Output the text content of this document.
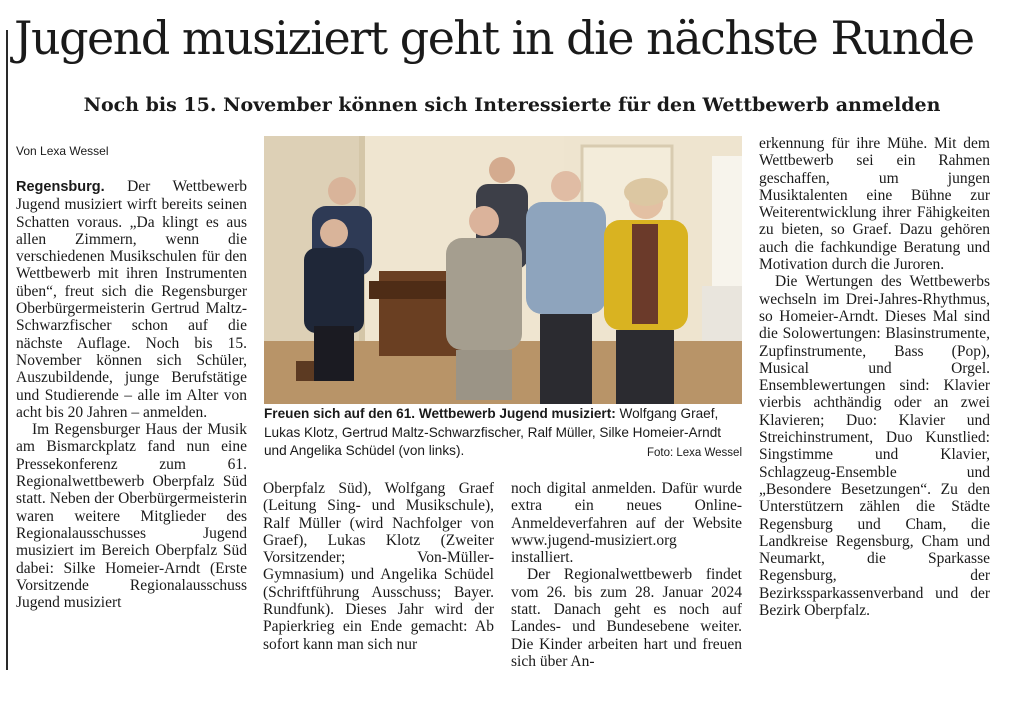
Jugend musiziert geht in die nächste Runde
Noch bis 15. November können sich Interessierte für den Wettbewerb anmelden
Von Lexa Wessel

Regensburg. Der Wettbewerb Jugend musiziert wirft bereits seinen Schatten voraus. „Da klingt es aus allen Zimmern, wenn die verschiedenen Musikschulen für den Wettbewerb mit ihren Instrumenten üben“, freut sich die Regensburger Oberbürgermeisterin Gertrud Maltz-Schwarzfischer schon auf die nächste Auflage. Noch bis 15. November können sich Schüler, Auszubildende, junge Berufstätige und Studierende – alle im Alter von acht bis 20 Jahren – anmelden.

Im Regensburger Haus der Musik am Bismarckplatz fand nun eine Pressekonferenz zum 61. Regionalwettbewerb Oberpfalz Süd statt. Neben der Oberbürgermeisterin waren weitere Mitglieder des Regionalausschusses Jugend musiziert im Bereich Oberpfalz Süd dabei: Silke Homeier-Arndt (Erste Vorsitzende Regionalausschuss Jugend musiziert

Freuen sich auf den 61. Wettbewerb Jugend musiziert: Wolfgang Graef, Lukas Klotz, Gertrud Maltz-Schwarzfischer, Ralf Müller, Silke Homeier-Arndt und Angelika Schüdel (von links).	Foto: Lexa Wessel

Oberpfalz Süd), Wolfgang Graef (Leitung Sing- und Musikschule), Ralf Müller (wird Nachfolger von Graef), Lukas Klotz (Zweiter Vorsitzender; Von-Müller-Gymnasium) und Angelika Schüdel (Schriftführung Ausschuss; Bayer. Rundfunk). Dieses Jahr wird der Papierkrieg ein Ende gemacht: Ab sofort kann man sich nur

noch digital anmelden. Dafür wurde extra ein neues Online-Anmeldeverfahren auf der Website www.jugend-musiziert.org installiert.

Der Regionalwettbewerb findet vom 26. bis zum 28. Januar 2024 statt. Danach geht es noch auf Landes- und Bundesebene weiter. Die Kinder arbeiten hart und freuen sich über An-

erkennung für ihre Mühe. Mit dem Wettbewerb sei ein Rahmen geschaffen, um jungen Musiktalenten eine Bühne zur Weiterentwicklung ihrer Fähigkeiten zu bieten, so Graef. Dazu gehören auch die fachkundige Beratung und Motivation durch die Juroren.

Die Wertungen des Wettbewerbs wechseln im Drei-Jahres-Rhythmus, so Homeier-Arndt. Dieses Mal sind die Solowertungen: Blasinstrumente, Zupfinstrumente, Bass (Pop), Musical und Orgel. Ensemblewertungen sind: Klavier vierbis achthändig oder an zwei Klavieren; Duo: Klavier und Streichinstrument, Duo Kunstlied: Singstimme und Klavier, Schlagzeug-Ensemble und „Besondere Besetzungen“. Zu den Unterstützern zählen die Städte Regensburg und Cham, die Landkreise Regensburg, Cham und Neumarkt, die Sparkasse Regensburg, der Bezirkssparkassenverband und der Bezirk Oberpfalz.
